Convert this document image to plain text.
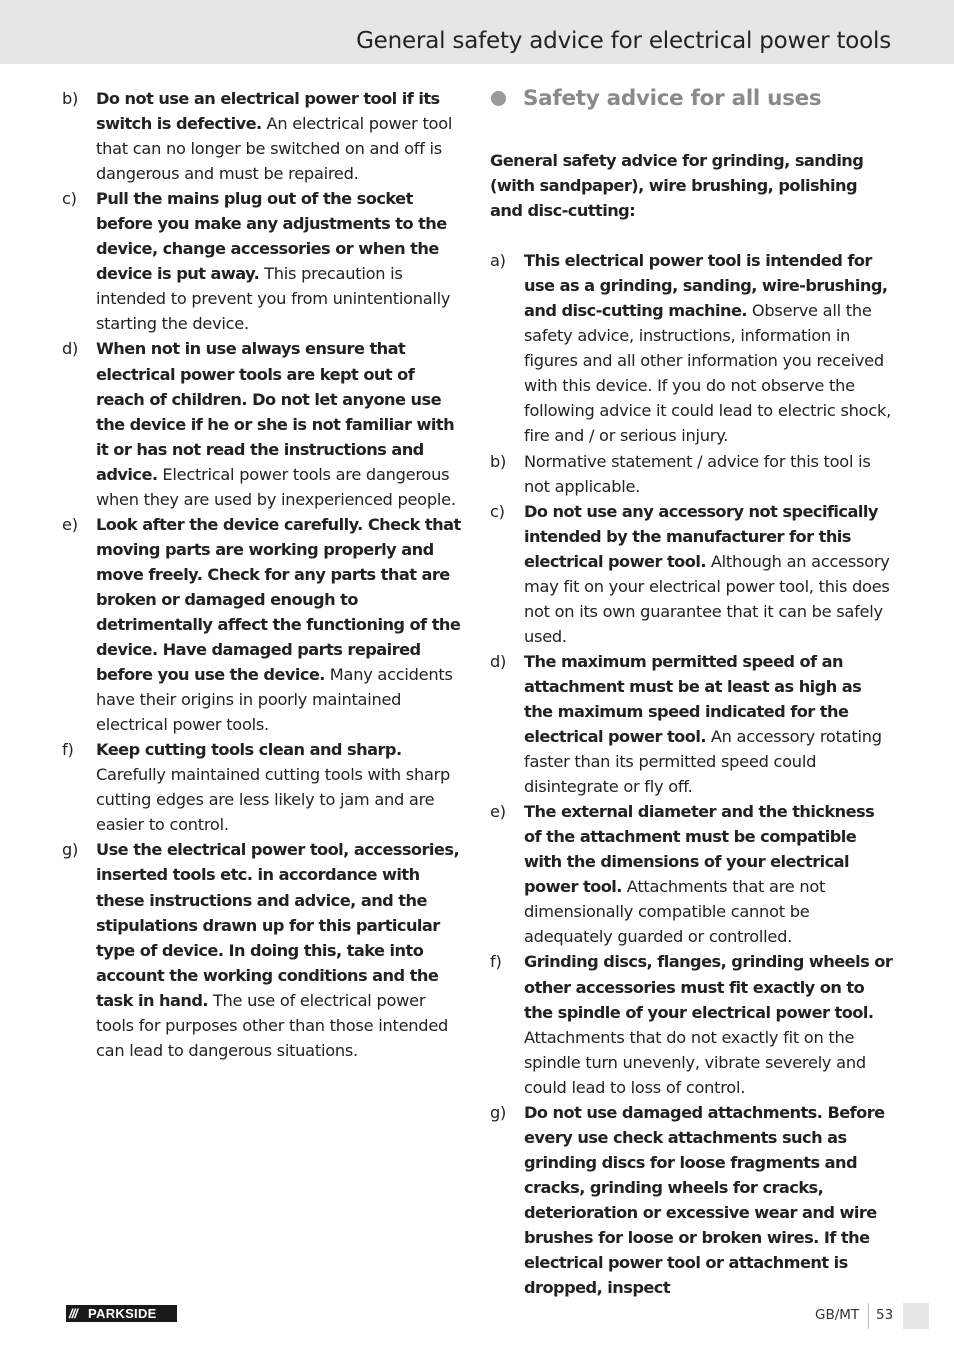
General safety advice for electrical power tools
b) Do not use an electrical power tool if its switch is defective. An electrical power tool that can no longer be switched on and off is dangerous and must be repaired.
c) Pull the mains plug out of the socket before you make any adjustments to the device, change accessories or when the device is put away. This precaution is intended to prevent you from unintentionally starting the device.
d) When not in use always ensure that electrical power tools are kept out of reach of children. Do not let anyone use the device if he or she is not familiar with it or has not read the instructions and advice. Electrical power tools are dangerous when they are used by inexperienced people.
e) Look after the device carefully. Check that moving parts are working properly and move freely. Check for any parts that are broken or damaged enough to detrimentally affect the functioning of the device. Have damaged parts repaired before you use the device. Many accidents have their origins in poorly maintained electrical power tools.
f) Keep cutting tools clean and sharp. Carefully maintained cutting tools with sharp cutting edges are less likely to jam and are easier to control.
g) Use the electrical power tool, accessories, inserted tools etc. in accordance with these instructions and advice, and the stipulations drawn up for this particular type of device. In doing this, take into account the working conditions and the task in hand. The use of electrical power tools for purposes other than those intended can lead to dangerous situations.
Safety advice for all uses
General safety advice for grinding, sanding (with sandpaper), wire brushing, polishing and disc-cutting:
a) This electrical power tool is intended for use as a grinding, sanding, wire-brushing, and disc-cutting machine. Observe all the safety advice, instructions, information in figures and all other information you received with this device. If you do not observe the following advice it could lead to electric shock, fire and / or serious injury.
b) Normative statement / advice for this tool is not applicable.
c) Do not use any accessory not specifically intended by the manufacturer for this electrical power tool. Although an accessory may fit on your electrical power tool, this does not on its own guarantee that it can be safely used.
d) The maximum permitted speed of an attachment must be at least as high as the maximum speed indicated for the electrical power tool. An accessory rotating faster than its permitted speed could disintegrate or fly off.
e) The external diameter and the thickness of the attachment must be compatible with the dimensions of your electrical power tool. Attachments that are not dimensionally compatible cannot be adequately guarded or controlled.
f) Grinding discs, flanges, grinding wheels or other accessories must fit exactly on to the spindle of your electrical power tool. Attachments that do not exactly fit on the spindle turn unevenly, vibrate severely and could lead to loss of control.
g) Do not use damaged attachments. Before every use check attachments such as grinding discs for loose fragments and cracks, grinding wheels for cracks, deterioration or excessive wear and wire brushes for loose or broken wires. If the electrical power tool or attachment is dropped, inspect
/// PARKSIDE	GB/MT 53
